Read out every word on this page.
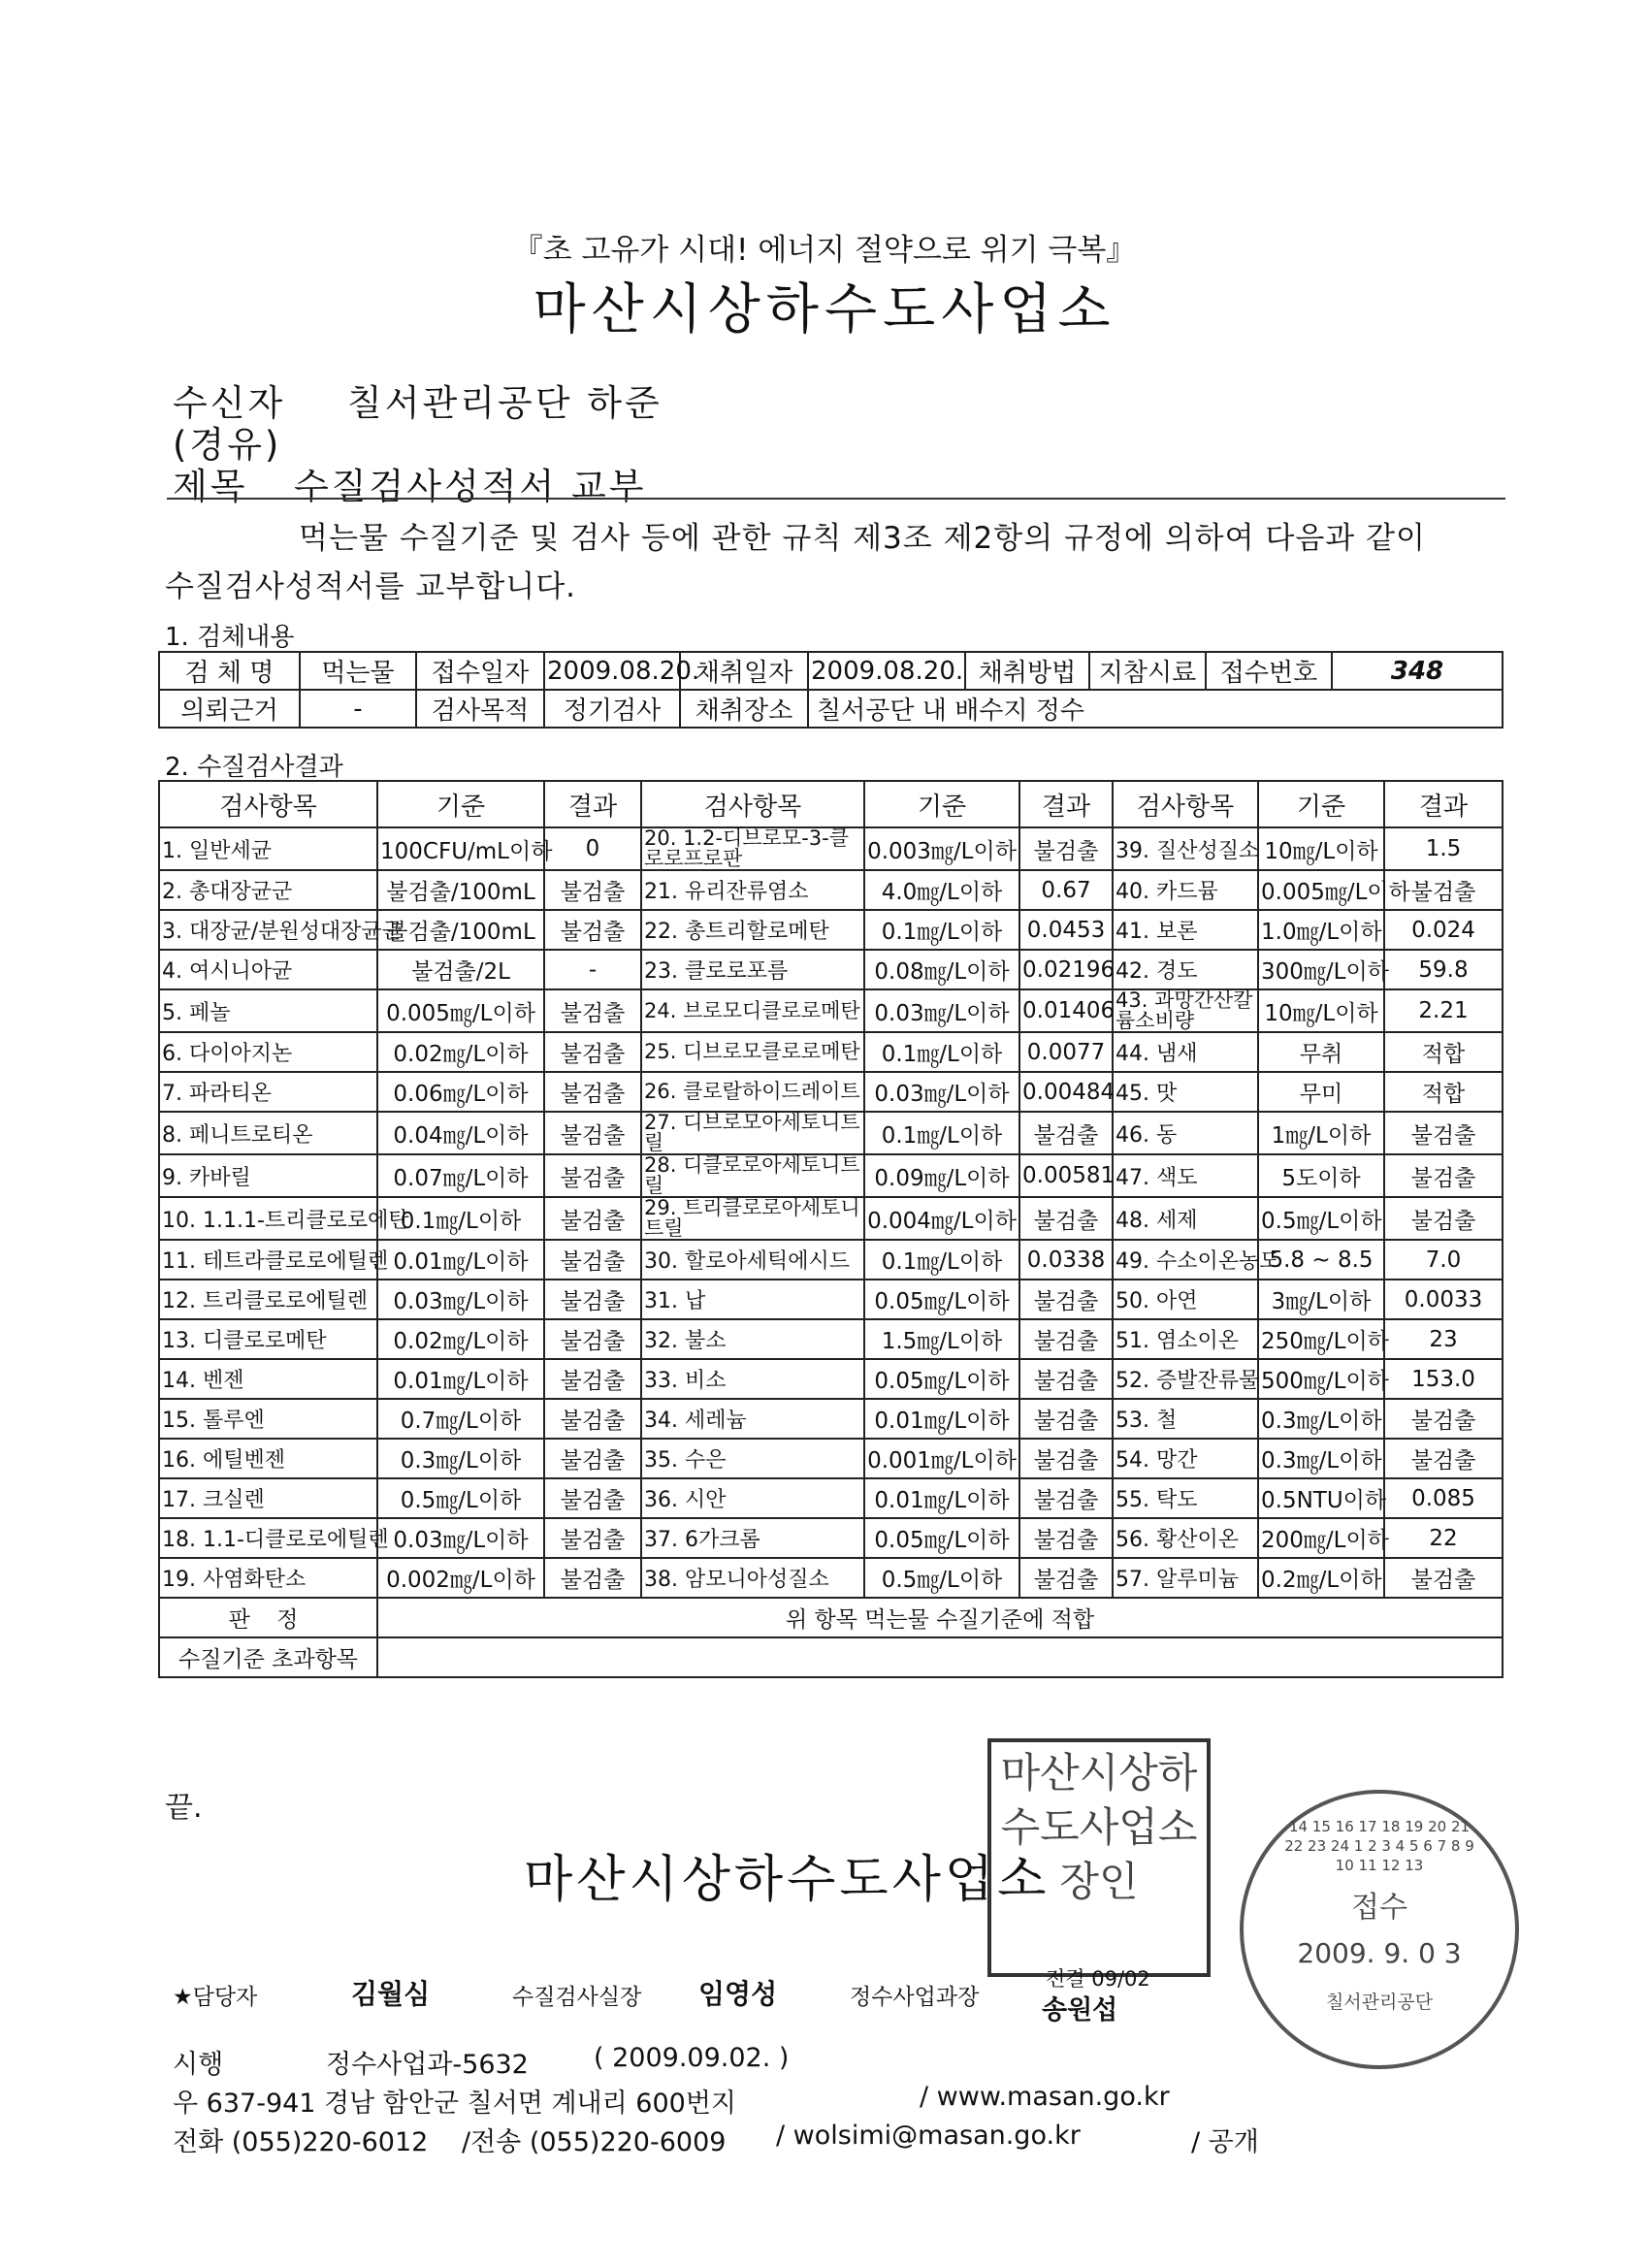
『초 고유가 시대! 에너지 절약으로 위기 극복』
마산시상하수도사업소
수신자 칠서관리공단 하준
(경유)
제목 수질검사성적서 교부
먹는물 수질기준 및 검사 등에 관한 규칙 제3조 제2항의 규정에 의하여 다음과 같이
수질검사성적서를 교부합니다.
1. 검체내용
검 체 명	먹는물	접수일자	2009.08.20.	채취일자	2009.08.20.	채취방법	지참시료	접수번호	348
의뢰근거	-	검사목적	정기검사	채취장소	칠서공단 내 배수지 정수				
2. 수질검사결과
검사항목	기준	결과	검사항목	기준	결과	검사항목	기준	결과
1. 일반세균	100CFU/mL이하	0	20. 1.2-디브로모-3-클로로프로판	0.003㎎/L이하	불검출	39. 질산성질소	10㎎/L이하	1.5
2. 총대장균군	불검출/100mL	불검출	21. 유리잔류염소	4.0㎎/L이하	0.67	40. 카드뮴	0.005㎎/L이하	불검출
3. 대장균/분원성대장균군	불검출/100mL	불검출	22. 총트리할로메탄	0.1㎎/L이하	0.0453	41. 보론	1.0㎎/L이하	0.024
4. 여시니아균	불검출/2L	-	23. 클로로포름	0.08㎎/L이하	0.02196	42. 경도	300㎎/L이하	59.8
5. 페놀	0.005㎎/L이하	불검출	24. 브로모디클로로메탄	0.03㎎/L이하	0.01406	43. 과망간산칼륨소비량	10㎎/L이하	2.21
6. 다이아지논	0.02㎎/L이하	불검출	25. 디브로모클로로메탄	0.1㎎/L이하	0.0077	44. 냄새	무취	적합
7. 파라티온	0.06㎎/L이하	불검출	26. 클로랄하이드레이트	0.03㎎/L이하	0.00484	45. 맛	무미	적합
8. 페니트로티온	0.04㎎/L이하	불검출	27. 디브로모아세토니트릴	0.1㎎/L이하	불검출	46. 동	1㎎/L이하	불검출
9. 카바릴	0.07㎎/L이하	불검출	28. 디클로로아세토니트릴	0.09㎎/L이하	0.00581	47. 색도	5도이하	불검출
10. 1.1.1-트리클로로에탄	0.1㎎/L이하	불검출	29. 트리클로로아세토니트릴	0.004㎎/L이하	불검출	48. 세제	0.5㎎/L이하	불검출
11. 테트라클로로에틸렌	0.01㎎/L이하	불검출	30. 할로아세틱에시드	0.1㎎/L이하	0.0338	49. 수소이온농도	5.8 ~ 8.5	7.0
12. 트리클로로에틸렌	0.03㎎/L이하	불검출	31. 납	0.05㎎/L이하	불검출	50. 아연	3㎎/L이하	0.0033
13. 디클로로메탄	0.02㎎/L이하	불검출	32. 불소	1.5㎎/L이하	불검출	51. 염소이온	250㎎/L이하	23
14. 벤젠	0.01㎎/L이하	불검출	33. 비소	0.05㎎/L이하	불검출	52. 증발잔류물	500㎎/L이하	153.0
15. 톨루엔	0.7㎎/L이하	불검출	34. 세레늄	0.01㎎/L이하	불검출	53. 철	0.3㎎/L이하	불검출
16. 에틸벤젠	0.3㎎/L이하	불검출	35. 수은	0.001㎎/L이하	불검출	54. 망간	0.3㎎/L이하	불검출
17. 크실렌	0.5㎎/L이하	불검출	36. 시안	0.01㎎/L이하	불검출	55. 탁도	0.5NTU이하	0.085
18. 1.1-디클로로에틸렌	0.03㎎/L이하	불검출	37. 6가크롬	0.05㎎/L이하	불검출	56. 황산이온	200㎎/L이하	22
19. 사염화탄소	0.002㎎/L이하	불검출	38. 암모니아성질소	0.5㎎/L이하	불검출	57. 알루미늄	0.2㎎/L이하	불검출
판 정	위 항목 먹는물 수질기준에 적합							
수질기준 초과항목								
끝.
마산시상하수도사업소
마산시상하수도사업소장인
14 15 16 17 18 19 20 21 22 23 24 1 2 3 4 5 6 7 8 9 10 11 12 13
접수
2009. 9. 0 3
칠서관리공단
★담당자	김월심	수질검사실장 임영성	정수사업과장
전결 09/02
송원섭
시행	정수사업과-5632 ( 2009.09.02. )
우 637-941 경남 함안군 칠서면 계내리 600번지	/ www.masan.go.kr
전화 (055)220-6012 /전송 (055)220-6009 / wolsimi@masan.go.kr	/ 공개
